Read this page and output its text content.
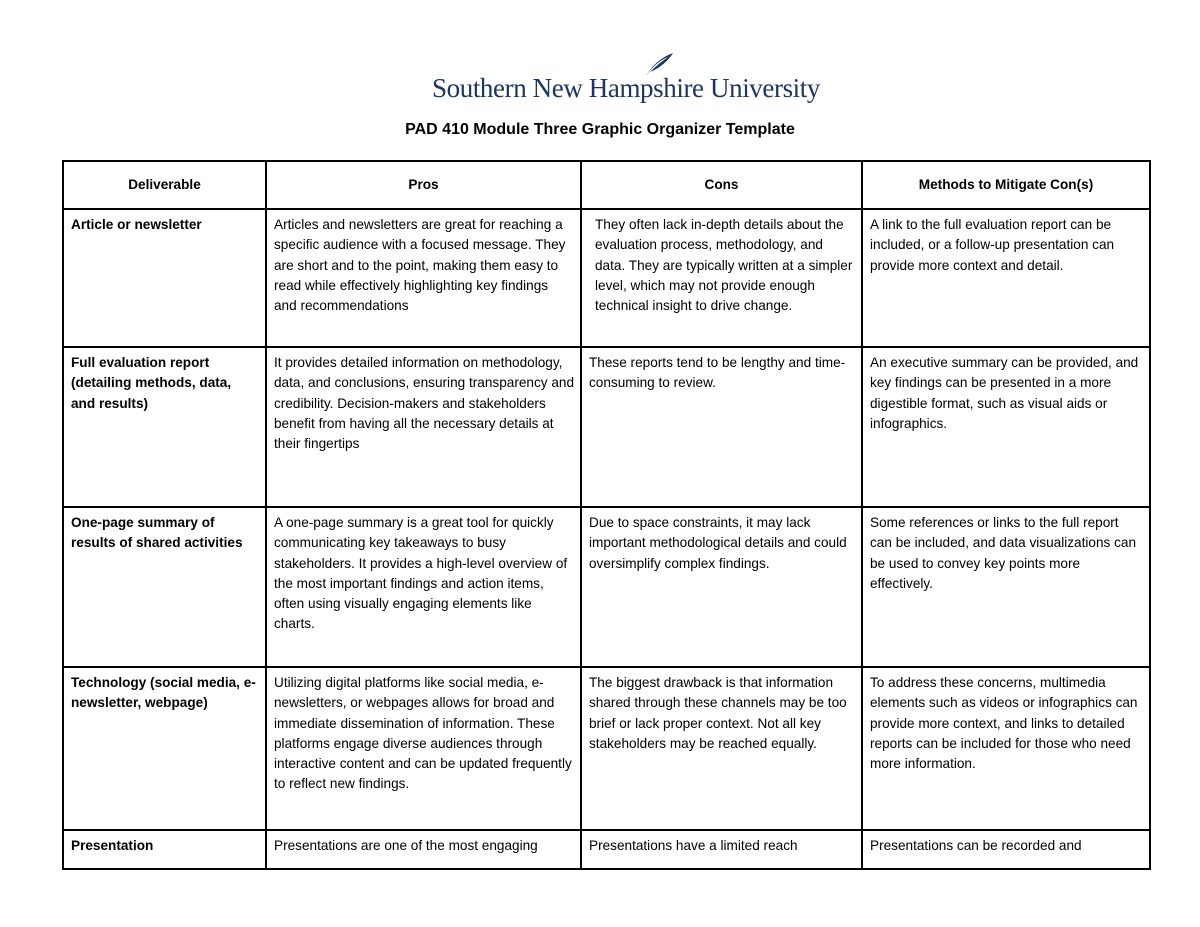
Southern New Hampshire University
PAD 410 Module Three Graphic Organizer Template
Deliverable	Pros	Cons	Methods to Mitigate Con(s)
Article or newsletter	Articles and newsletters are great for reaching a specific audience with a focused message. They are short and to the point, making them easy to read while effectively highlighting key findings and recommendations	They often lack in-depth details about the evaluation process, methodology, and data. They are typically written at a simpler level, which may not provide enough technical insight to drive change.	A link to the full evaluation report can be included, or a follow-up presentation can provide more context and detail.
Full evaluation report (detailing methods, data, and results)	It provides detailed information on methodology, data, and conclusions, ensuring transparency and credibility. Decision-makers and stakeholders benefit from having all the necessary details at their fingertips	These reports tend to be lengthy and time-consuming to review.	An executive summary can be provided, and key findings can be presented in a more digestible format, such as visual aids or infographics.
One-page summary of results of shared activities	A one-page summary is a great tool for quickly communicating key takeaways to busy stakeholders. It provides a high-level overview of the most important findings and action items, often using visually engaging elements like charts.	Due to space constraints, it may lack important methodological details and could oversimplify complex findings.	Some references or links to the full report can be included, and data visualizations can be used to convey key points more effectively.
Technology (social media, e-newsletter, webpage)	Utilizing digital platforms like social media, e-newsletters, or webpages allows for broad and immediate dissemination of information. These platforms engage diverse audiences through interactive content and can be updated frequently to reflect new findings.	The biggest drawback is that information shared through these channels may be too brief or lack proper context. Not all key stakeholders may be reached equally.	To address these concerns, multimedia elements such as videos or infographics can provide more context, and links to detailed reports can be included for those who need more information.
Presentation	Presentations are one of the most engaging	Presentations have a limited reach	Presentations can be recorded and
